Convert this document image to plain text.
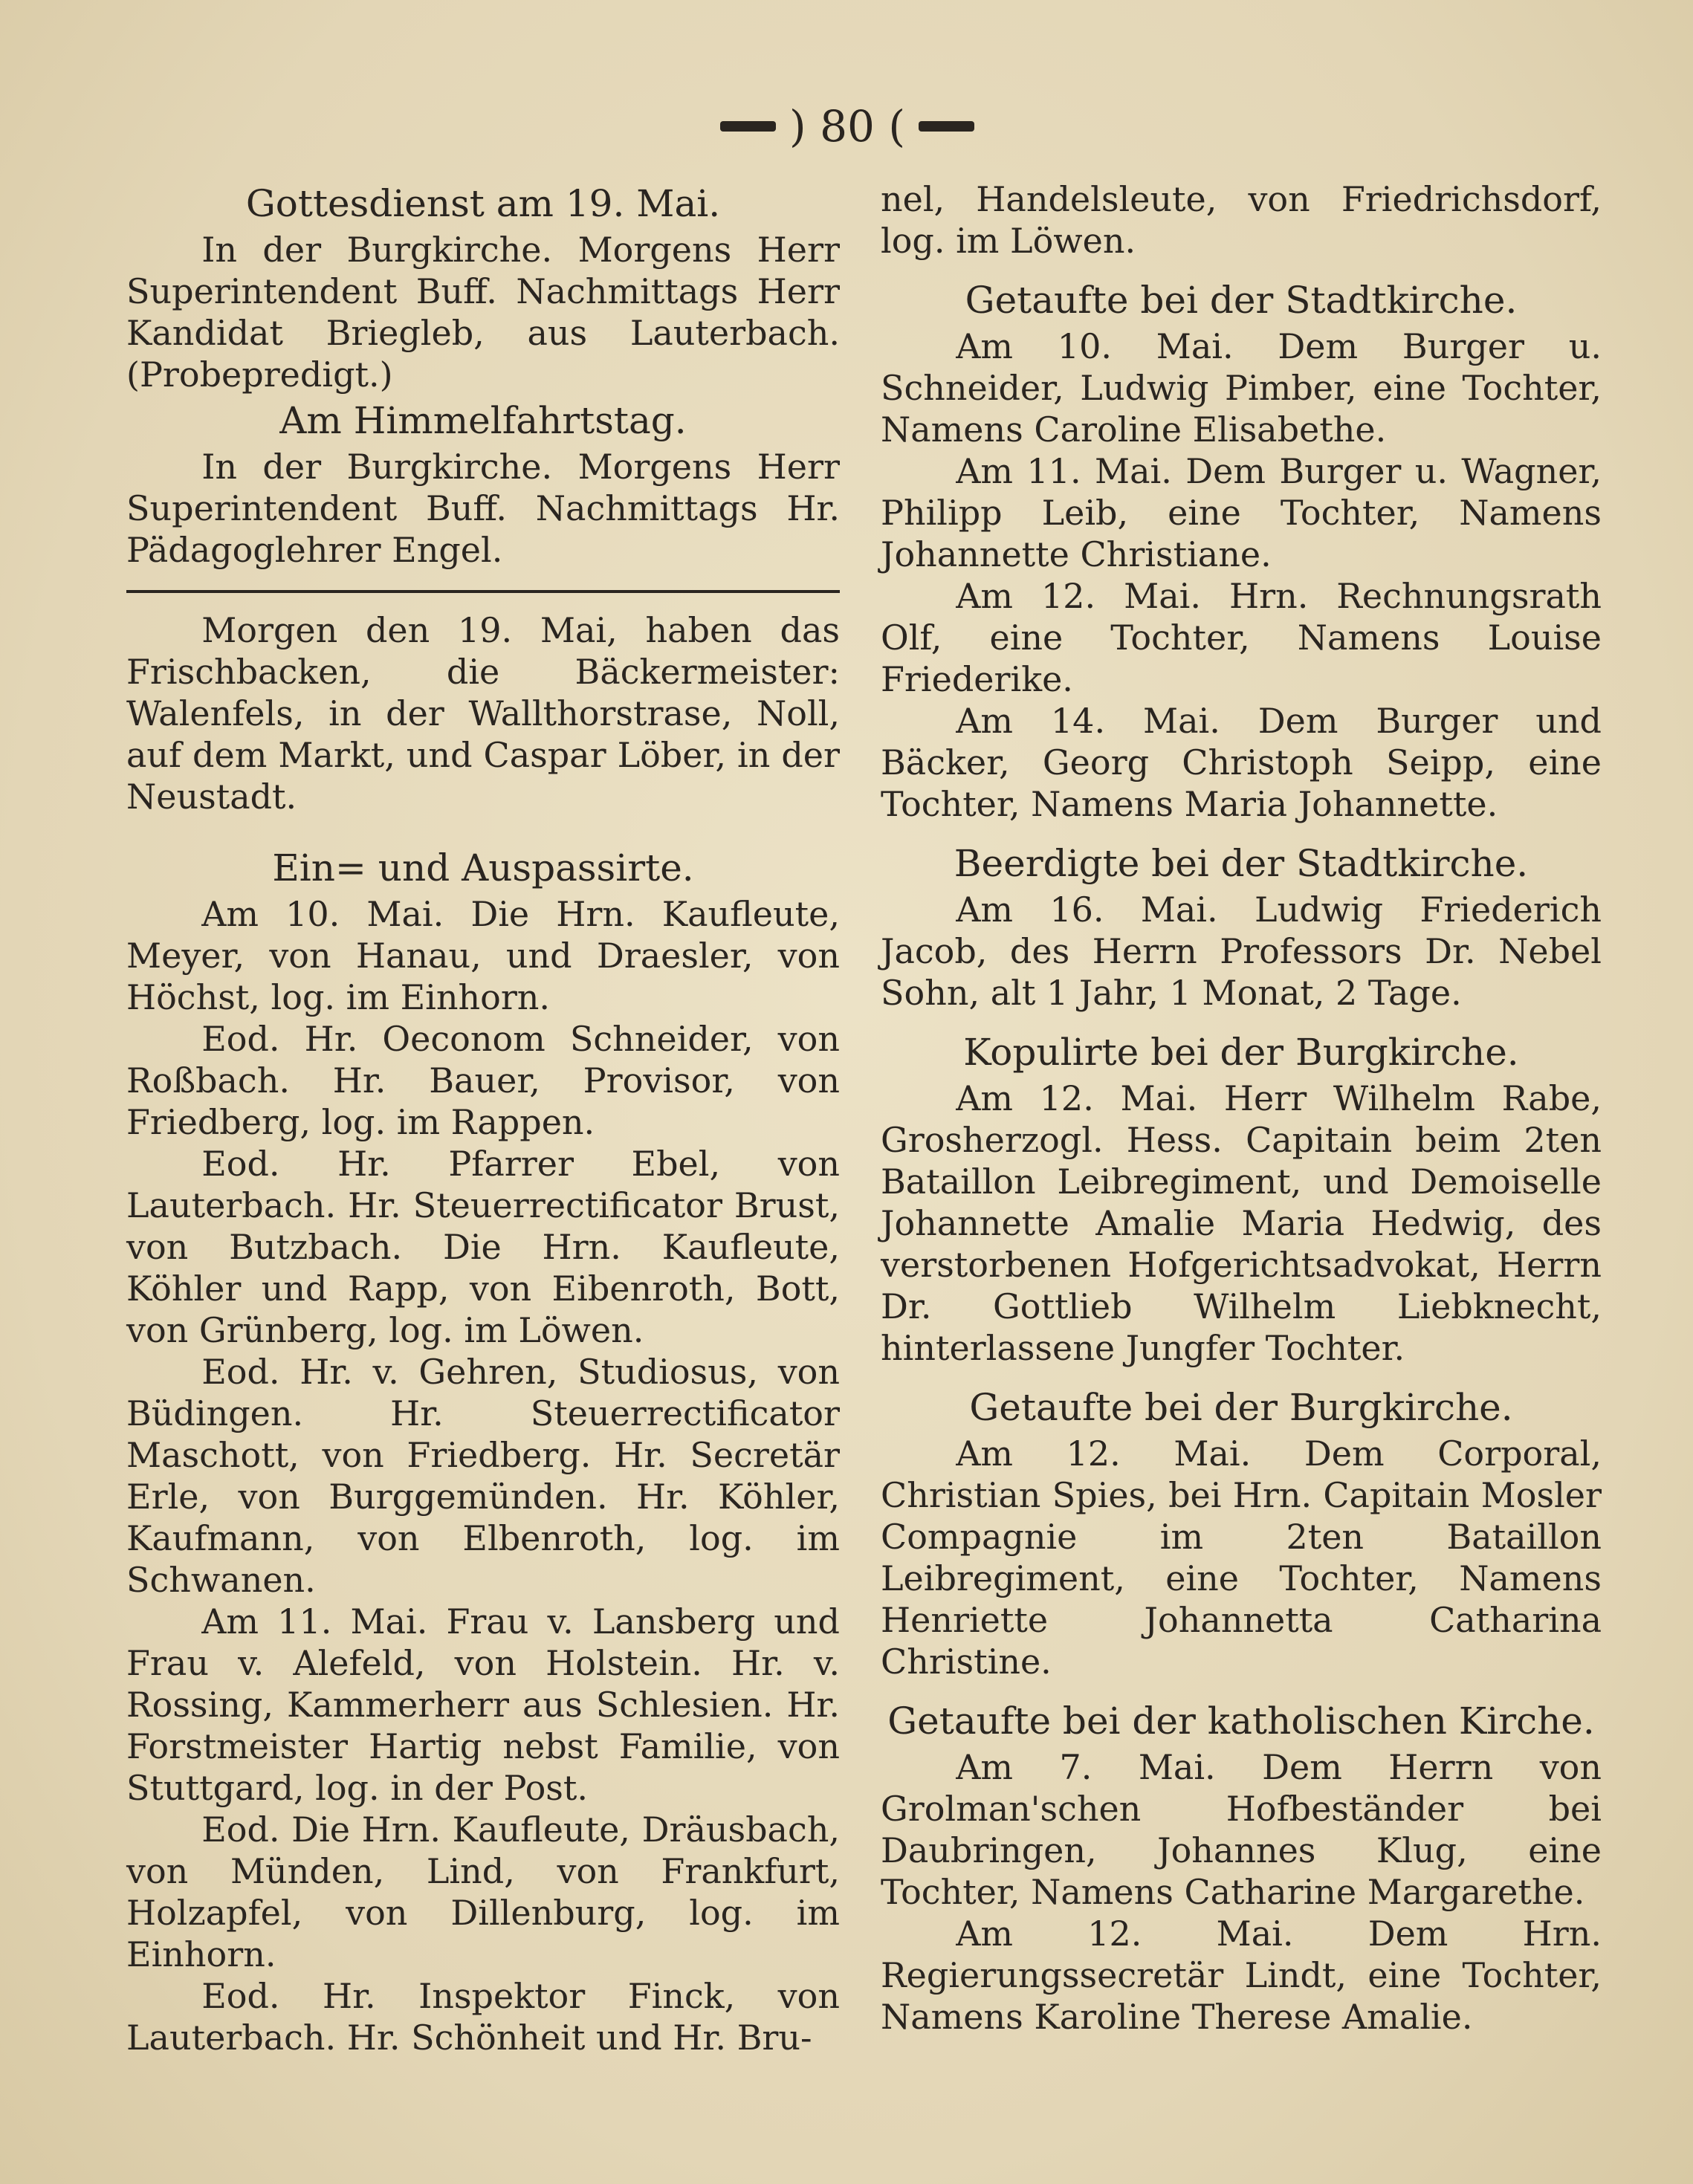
) 80 (
Gottesdienst am 19. Mai.
In der Burgkirche. Morgens Herr Superintendent Buff. Nachmittags Herr Kandidat Briegleb, aus Lauterbach. (Probepredigt.)
Am Himmelfahrtstag.
In der Burgkirche. Morgens Herr Superintendent Buff. Nachmittags Hr. Pädagoglehrer Engel.
Morgen den 19. Mai, haben das Frischbacken, die Bäckermeister: Walenfels, in der Wallthorstrase, Noll, auf dem Markt, und Caspar Löber, in der Neustadt.
Ein= und Auspassirte.
Am 10. Mai. Die Hrn. Kaufleute, Meyer, von Hanau, und Draesler, von Höchst, log. im Einhorn.
Eod. Hr. Oeconom Schneider, von Roßbach. Hr. Bauer, Provisor, von Friedberg, log. im Rappen.
Eod. Hr. Pfarrer Ebel, von Lauterbach. Hr. Steuerrectificator Brust, von Butzbach. Die Hrn. Kaufleute, Köhler und Rapp, von Eibenroth, Bott, von Grünberg, log. im Löwen.
Eod. Hr. v. Gehren, Studiosus, von Büdingen. Hr. Steuerrectificator Maschott, von Friedberg. Hr. Secretär Erle, von Burggemünden. Hr. Köhler, Kaufmann, von Elbenroth, log. im Schwanen.
Am 11. Mai. Frau v. Lansberg und Frau v. Alefeld, von Holstein. Hr. v. Rossing, Kammerherr aus Schlesien. Hr. Forstmeister Hartig nebst Familie, von Stuttgard, log. in der Post.
Eod. Die Hrn. Kaufleute, Dräusbach, von Münden, Lind, von Frankfurt, Holzapfel, von Dillenburg, log. im Einhorn.
Eod. Hr. Inspektor Finck, von Lauterbach. Hr. Schönheit und Hr. Bru-
nel, Handelsleute, von Friedrichsdorf, log. im Löwen.
Getaufte bei der Stadtkirche.
Am 10. Mai. Dem Burger u. Schneider, Ludwig Pimber, eine Tochter, Namens Caroline Elisabethe.
Am 11. Mai. Dem Burger u. Wagner, Philipp Leib, eine Tochter, Namens Johannette Christiane.
Am 12. Mai. Hrn. Rechnungsrath Olf, eine Tochter, Namens Louise Friederike.
Am 14. Mai. Dem Burger und Bäcker, Georg Christoph Seipp, eine Tochter, Namens Maria Johannette.
Beerdigte bei der Stadtkirche.
Am 16. Mai. Ludwig Friederich Jacob, des Herrn Professors Dr. Nebel Sohn, alt 1 Jahr, 1 Monat, 2 Tage.
Kopulirte bei der Burgkirche.
Am 12. Mai. Herr Wilhelm Rabe, Grosherzogl. Hess. Capitain beim 2ten Bataillon Leibregiment, und Demoiselle Johannette Amalie Maria Hedwig, des verstorbenen Hofgerichtsadvokat, Herrn Dr. Gottlieb Wilhelm Liebknecht, hinterlassene Jungfer Tochter.
Getaufte bei der Burgkirche.
Am 12. Mai. Dem Corporal, Christian Spies, bei Hrn. Capitain Mosler Compagnie im 2ten Bataillon Leibregiment, eine Tochter, Namens Henriette Johannetta Catharina Christine.
Getaufte bei der katholischen Kirche.
Am 7. Mai. Dem Herrn von Grolman'schen Hofbeständer bei Daubringen, Johannes Klug, eine Tochter, Namens Catharine Margarethe.
Am 12. Mai. Dem Hrn. Regierungssecretär Lindt, eine Tochter, Namens Karoline Therese Amalie.
